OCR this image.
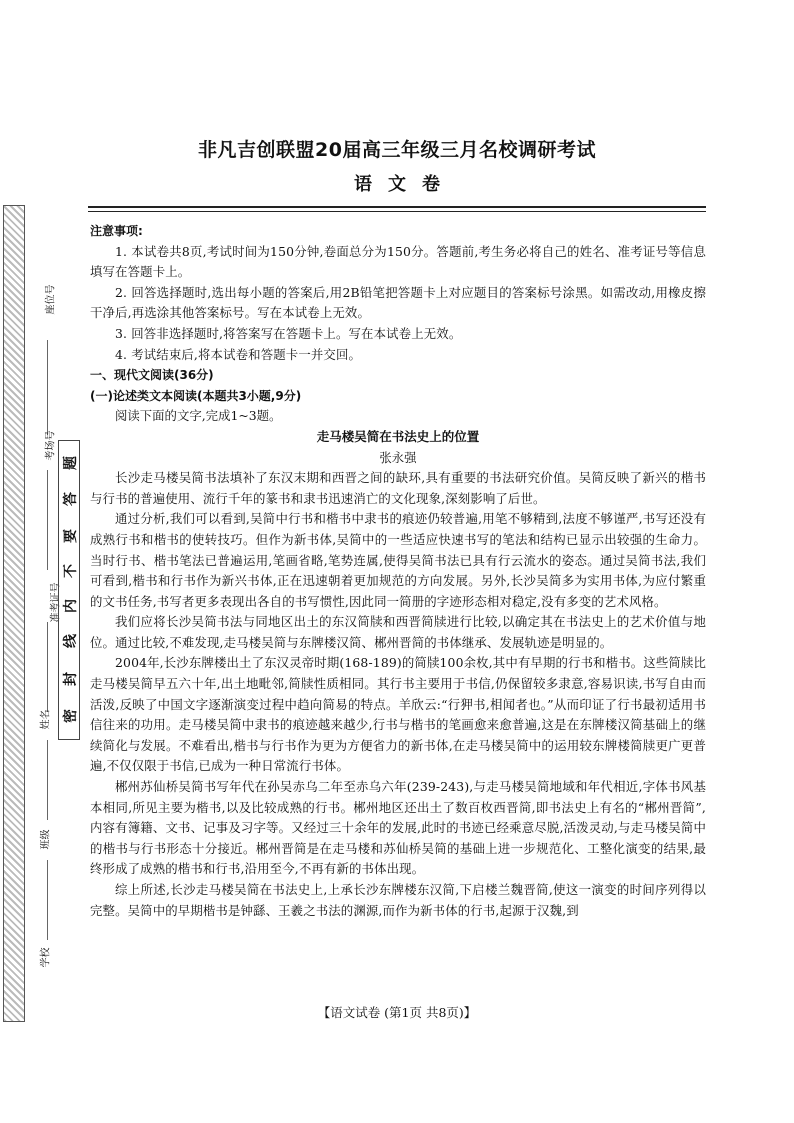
座位号
考场号
准考证号
姓名
班级
学校
密
封
线
内
不
要
答
题
非凡吉创联盟20届高三年级三月名校调研考试
语文卷

注意事项:

1. 本试卷共8页,考试时间为150分钟,卷面总分为150分。答题前,考生务必将自己的姓名、准考证号等信息填写在答题卡上。

2. 回答选择题时,选出每小题的答案后,用2B铅笔把答题卡上对应题目的答案标号涂黑。如需改动,用橡皮擦干净后,再选涂其他答案标号。写在本试卷上无效。

3. 回答非选择题时,将答案写在答题卡上。写在本试卷上无效。

4. 考试结束后,将本试卷和答题卡一并交回。

一、现代文阅读(36分)

(一)论述类文本阅读(本题共3小题,9分)

阅读下面的文字,完成1~3题。

走马楼吴简在书法史上的位置

张永强

长沙走马楼吴简书法填补了东汉末期和西晋之间的缺环,具有重要的书法研究价值。吴简反映了新兴的楷书与行书的普遍使用、流行千年的篆书和隶书迅速消亡的文化现象,深刻影响了后世。

通过分析,我们可以看到,吴简中行书和楷书中隶书的痕迹仍较普遍,用笔不够精到,法度不够谨严,书写还没有成熟行书和楷书的使转技巧。但作为新书体,吴简中的一些适应快速书写的笔法和结构已显示出较强的生命力。当时行书、楷书笔法已普遍运用,笔画省略,笔势连属,使得吴简书法已具有行云流水的姿态。通过吴简书法,我们可看到,楷书和行书作为新兴书体,正在迅速朝着更加规范的方向发展。另外,长沙吴简多为实用书体,为应付繁重的文书任务,书写者更多表现出各自的书写惯性,因此同一简册的字迹形态相对稳定,没有多变的艺术风格。

我们应将长沙吴简书法与同地区出土的东汉简牍和西晋简牍进行比较,以确定其在书法史上的艺术价值与地位。通过比较,不难发现,走马楼吴简与东牌楼汉简、郴州晋简的书体继承、发展轨迹是明显的。

2004年,长沙东牌楼出土了东汉灵帝时期(168-189)的简牍100余枚,其中有早期的行书和楷书。这些简牍比走马楼吴简早五六十年,出土地毗邻,简牍性质相同。其行书主要用于书信,仍保留较多隶意,容易识读,书写自由而活泼,反映了中国文字逐渐演变过程中趋向简易的特点。羊欣云:“行狎书,相闻者也。”从而印证了行书最初适用书信往来的功用。走马楼吴简中隶书的痕迹越来越少,行书与楷书的笔画愈来愈普遍,这是在东牌楼汉简基础上的继续简化与发展。不难看出,楷书与行书作为更为方便省力的新书体,在走马楼吴简中的运用较东牌楼简牍更广更普遍,不仅仅限于书信,已成为一种日常流行书体。

郴州苏仙桥吴简书写年代在孙吴赤乌二年至赤乌六年(239-243),与走马楼吴简地域和年代相近,字体书风基本相同,所见主要为楷书,以及比较成熟的行书。郴州地区还出土了数百枚西晋简,即书法史上有名的“郴州晋简”,内容有簿籍、文书、记事及习字等。又经过三十余年的发展,此时的书迹已经乘意尽脱,活泼灵动,与走马楼吴简中的楷书与行书形态十分接近。郴州晋简是在走马楼和苏仙桥吴简的基础上进一步规范化、工整化演变的结果,最终形成了成熟的楷书和行书,沿用至今,不再有新的书体出现。

综上所述,长沙走马楼吴简在书法史上,上承长沙东牌楼东汉简,下启楼兰魏晋简,使这一演变的时间序列得以完整。吴简中的早期楷书是钟繇、王羲之书法的渊源,而作为新书体的行书,起源于汉魏,到

【语文试卷 (第1页 共8页)】
